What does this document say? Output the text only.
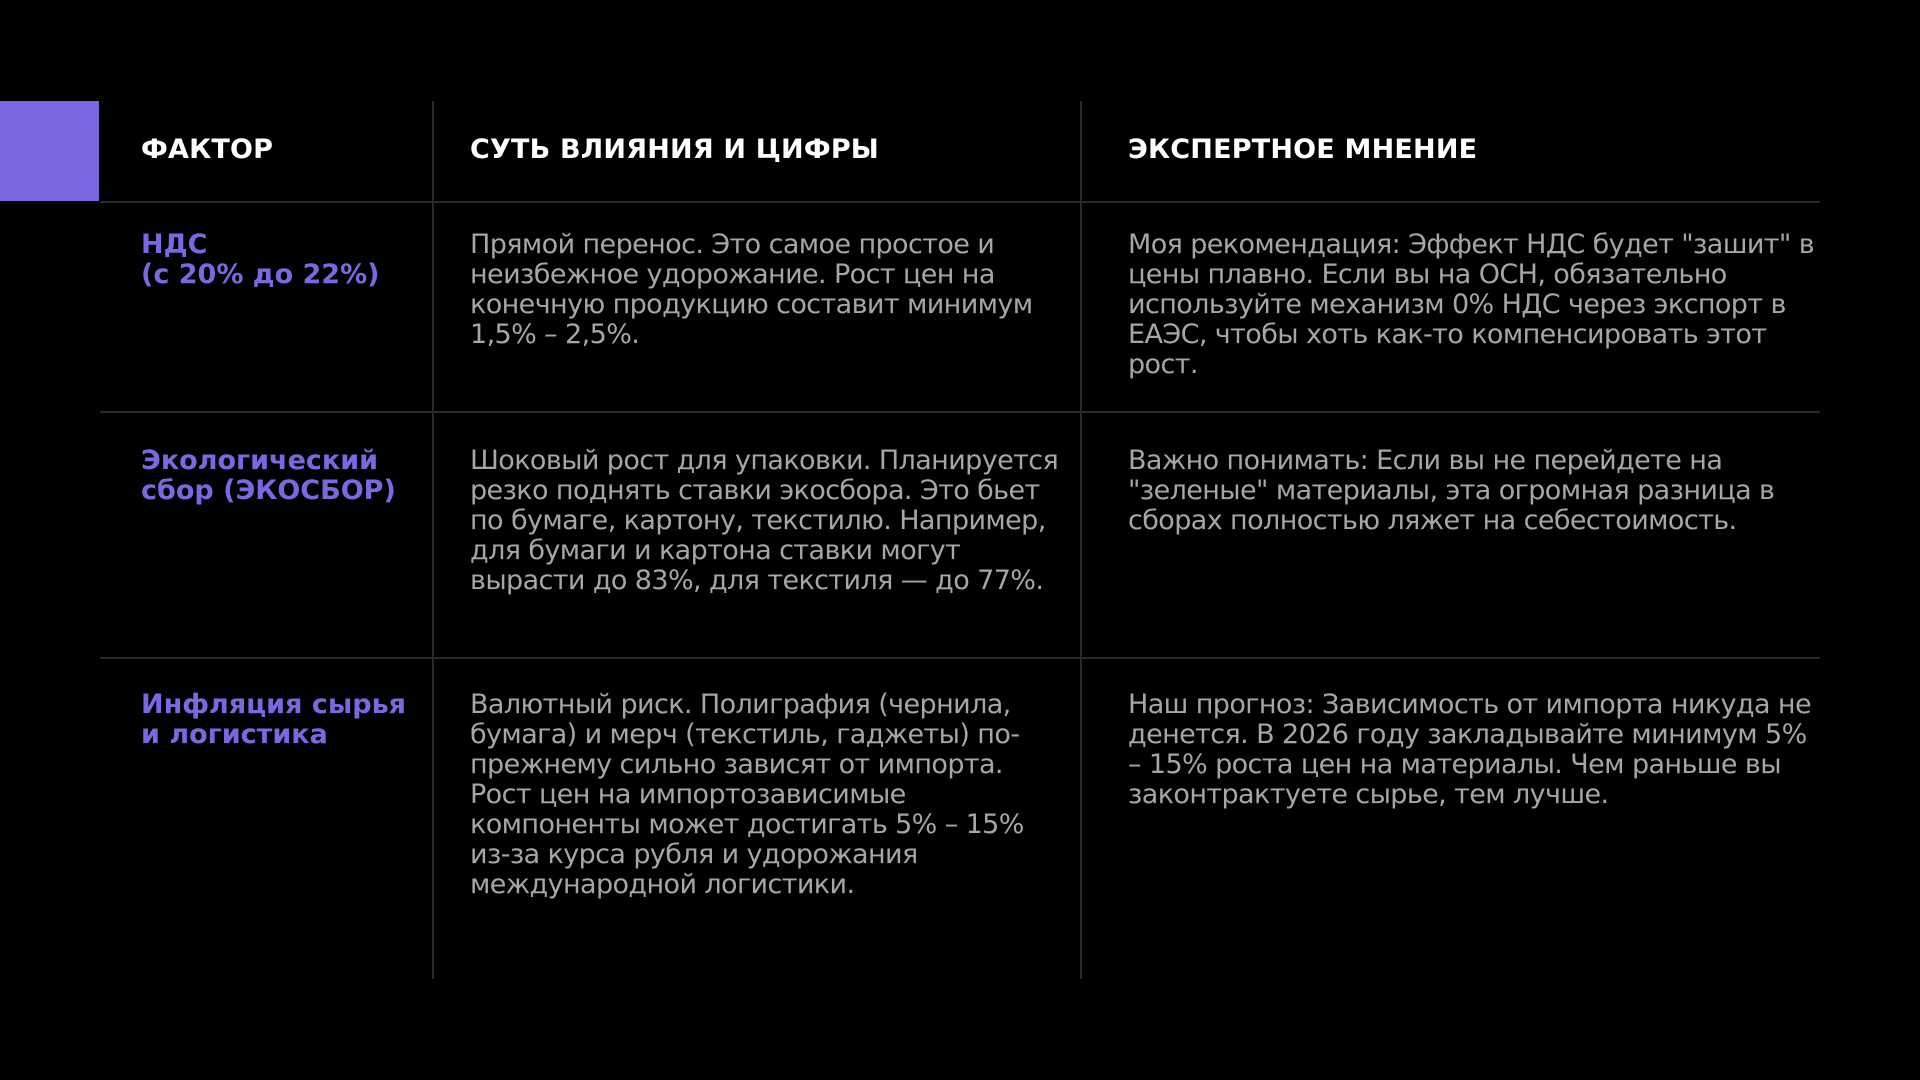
ФАКТОР	СУТЬ ВЛИЯНИЯ И ЦИФРЫ	ЭКСПЕРТНОЕ МНЕНИЕ
НДС
(с 20% до 22%)
Прямой перенос. Это самое простое и неизбежное удорожание. Рост цен на конечную продукцию составит минимум 1,5% – 2,5%.
Моя рекомендация: Эффект НДС будет "зашит" в цены плавно. Если вы на ОСН, обязательно используйте механизм 0% НДС через экспорт в ЕАЭС, чтобы хоть как-то компенсировать этот рост.
Экологический
сбор (ЭКОСБОР)
Шоковый рост для упаковки. Планируется резко поднять ставки экосбора. Это бьет по бумаге, картону, текстилю. Например, для бумаги и картона ставки могут вырасти до 83%, для текстиля — до 77%.
Важно понимать: Если вы не перейдете на "зеленые" материалы, эта огромная разница в сборах полностью ляжет на себестоимость.
Инфляция сырья
и логистика
Валютный риск. Полиграфия (чернила, бумага) и мерч (текстиль, гаджеты) по-прежнему сильно зависят от импорта. Рост цен на импортозависимые компоненты может достигать 5% – 15% из-за курса рубля и удорожания международной логистики.
Наш прогноз: Зависимость от импорта никуда не денется. В 2026 году закладывайте минимум 5% – 15% роста цен на материалы. Чем раньше вы законтрактуете сырье, тем лучше.
